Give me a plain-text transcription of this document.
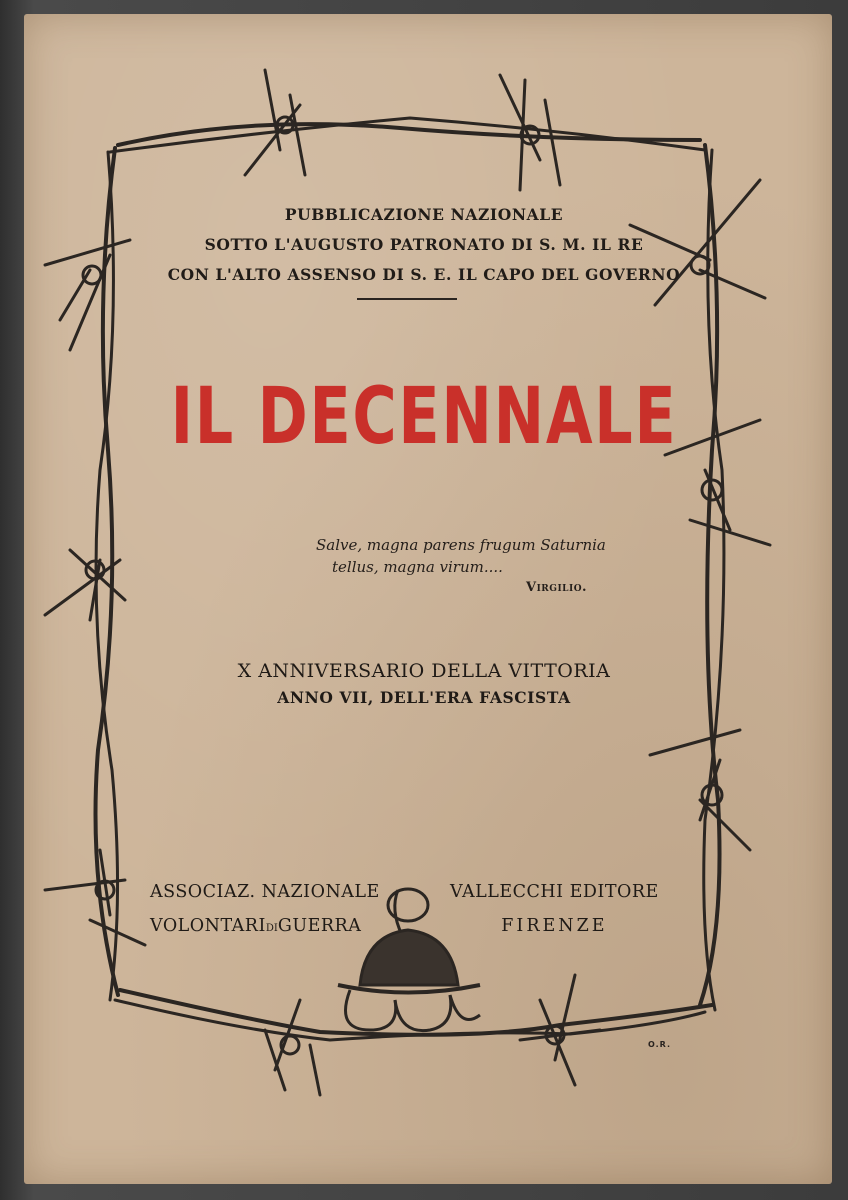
PUBBLICAZIONE NAZIONALE
SOTTO L'AUGUSTO PATRONATO DI S. M. IL RE
CON L'ALTO ASSENSO DI S. E. IL CAPO DEL GOVERNO
IL DECENNALE
Salve, magna parens frugum Saturnia
tellus, magna virum....
Virgilio.
X ANNIVERSARIO DELLA VITTORIA
ANNO VII, DELL'ERA FASCISTA
ASSOCIAZ. NAZIONALE
VOLONTARIDIGUERRA
VALLECCHI EDITORE
FIRENZE
O.R.
